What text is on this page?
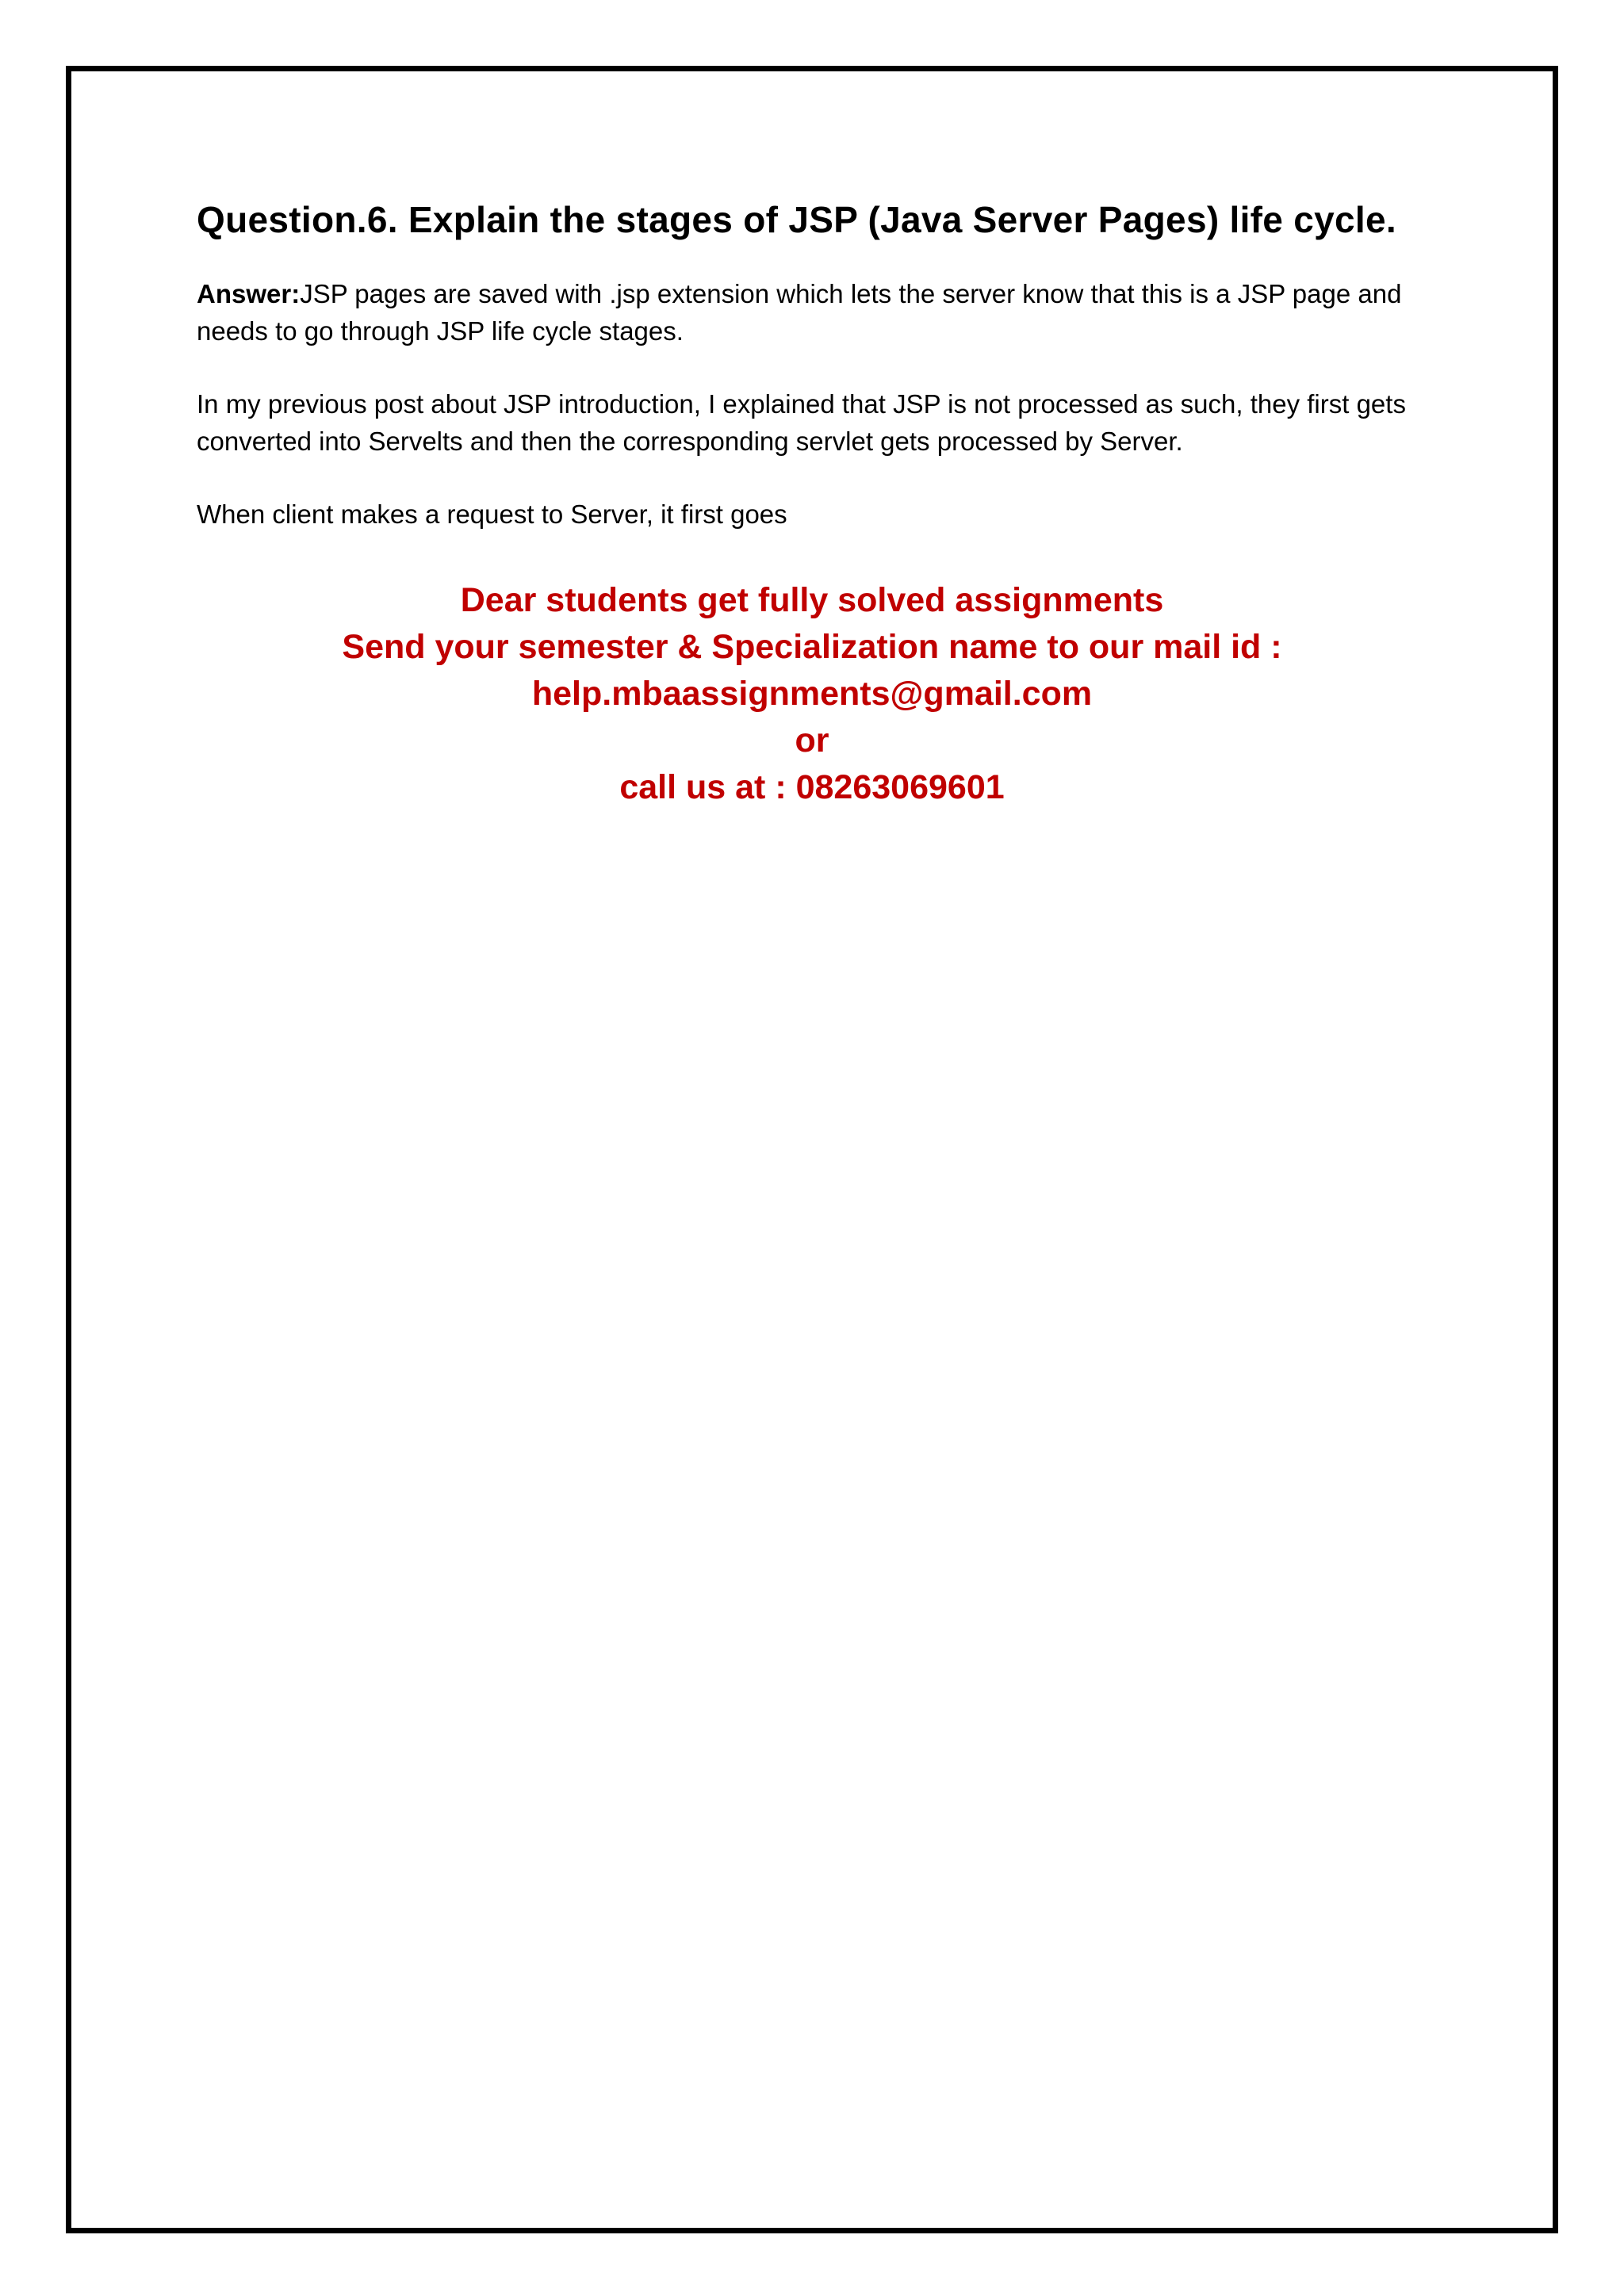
Question.6. Explain the stages of JSP (Java Server Pages) life cycle.

Answer:JSP pages are saved with .jsp extension which lets the server know that this is a JSP page and needs to go through JSP life cycle stages.

In my previous post about JSP introduction, I explained that JSP is not processed as such, they first gets converted into Servelts and then the corresponding servlet gets processed by Server.

When client makes a request to Server, it first goes

Dear students get fully solved assignments
Send your semester & Specialization name to our mail id :
help.mbaassignments@gmail.com
or
call us at : 08263069601
